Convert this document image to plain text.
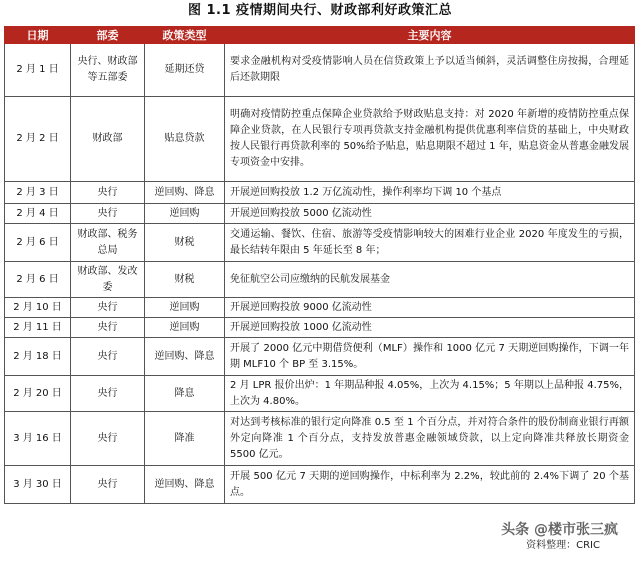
图 1.1 疫情期间央行、财政部利好政策汇总
日期	部委	政策类型	主要内容
2 月 1 日	央行、财政部等五部委	延期还贷	要求金融机构对受疫情影响人员在信贷政策上予以适当倾斜，灵活调整住房按揭，合理延后还款期限
2 月 2 日	财政部	贴息贷款	明确对疫情防控重点保障企业贷款给予财政贴息支持：对 2020 年新增的疫情防控重点保障企业贷款，在人民银行专项再贷款支持金融机构提供优惠利率信贷的基础上，中央财政按人民银行再贷款利率的 50%给予贴息，贴息期限不超过 1 年，贴息资金从普惠金融发展专项资金中安排。
2 月 3 日	央行	逆回购、降息	开展逆回购投放 1.2 万亿流动性，操作利率均下调 10 个基点
2 月 4 日	央行	逆回购	开展逆回购投放 5000 亿流动性
2 月 6 日	财政部、税务总局	财税	交通运输、餐饮、住宿、旅游等受疫情影响较大的困难行业企业 2020 年度发生的亏损，最长结转年限由 5 年延长至 8 年；
2 月 6 日	财政部、发改委	财税	免征航空公司应缴纳的民航发展基金
2 月 10 日	央行	逆回购	开展逆回购投放 9000 亿流动性
2 月 11 日	央行	逆回购	开展逆回购投放 1000 亿流动性
2 月 18 日	央行	逆回购、降息	开展了 2000 亿元中期借贷便利（MLF）操作和 1000 亿元 7 天期逆回购操作，下调一年期 MLF10 个 BP 至 3.15%。
2 月 20 日	央行	降息	2 月 LPR 报价出炉：1 年期品种报 4.05%，上次为 4.15%；5 年期以上品种报 4.75%，上次为 4.80%。
3 月 16 日	央行	降准	对达到考核标准的银行定向降准 0.5 至 1 个百分点，并对符合条件的股份制商业银行再额外定向降准 1 个百分点，支持发放普惠金融领域贷款，以上定向降准共释放长期资金 5500 亿元。
3 月 30 日	央行	逆回购、降息	开展 500 亿元 7 天期的逆回购操作，中标利率为 2.2%，较此前的 2.4%下调了 20 个基点。
头条 @楼市张三疯
资料整理：CRIC
